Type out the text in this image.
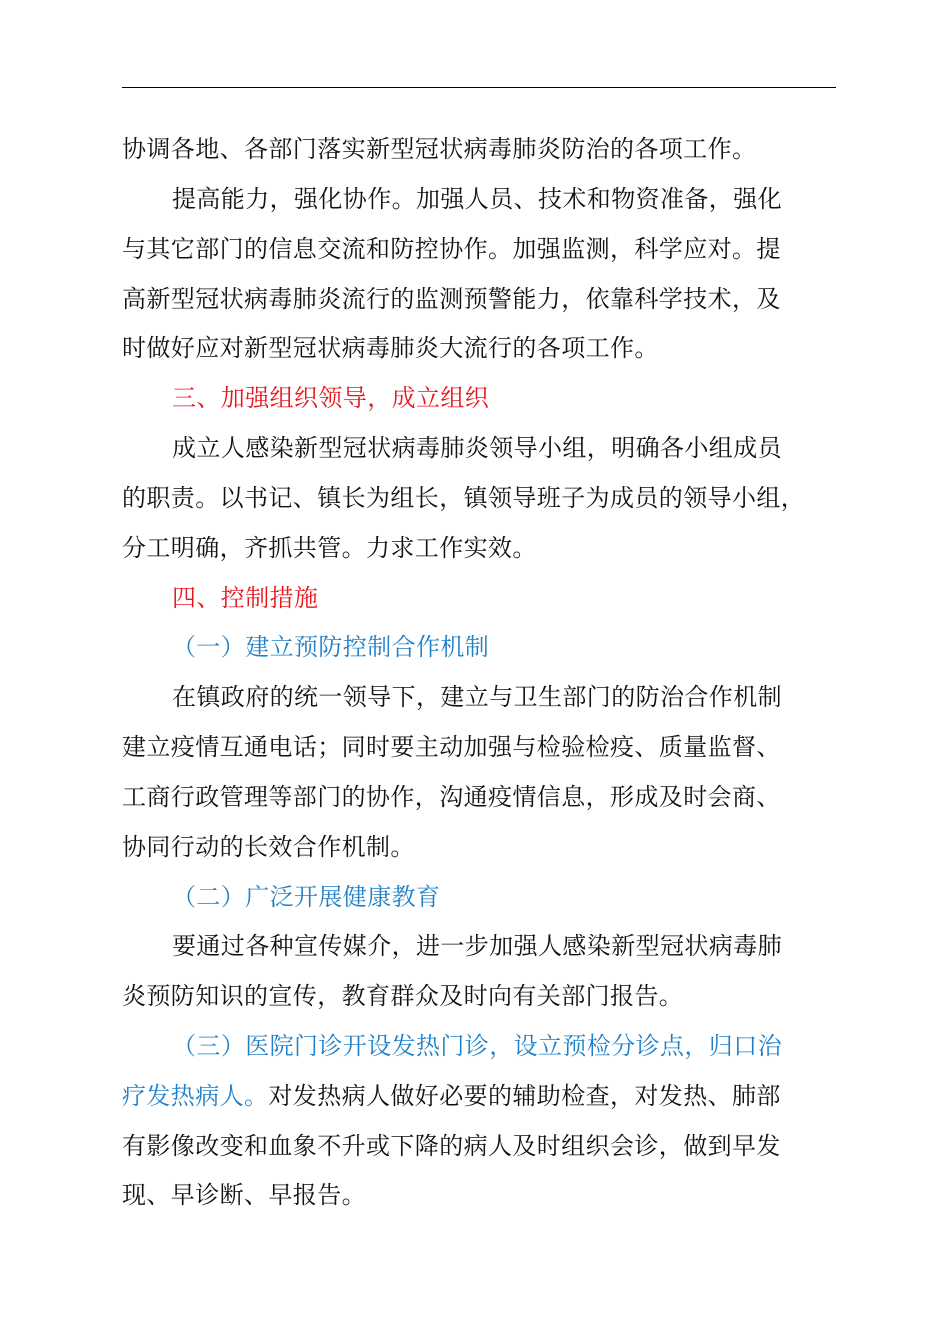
协调各地、各部门落实新型冠状病毒肺炎防治的各项工作。
提高能力，强化协作。加强人员、技术和物资准备，强化
与其它部门的信息交流和防控协作。加强监测，科学应对。提
高新型冠状病毒肺炎流行的监测预警能力，依靠科学技术，及
时做好应对新型冠状病毒肺炎大流行的各项工作。
三、加强组织领导，成立组织
成立人感染新型冠状病毒肺炎领导小组，明确各小组成员
的职责。以书记、镇长为组长，镇领导班子为成员的领导小组，
分工明确，齐抓共管。力求工作实效。
四、控制措施
（一）建立预防控制合作机制
在镇政府的统一领导下，建立与卫生部门的防治合作机制
建立疫情互通电话；同时要主动加强与检验检疫、质量监督、
工商行政管理等部门的协作，沟通疫情信息，形成及时会商、
协同行动的长效合作机制。
（二）广泛开展健康教育
要通过各种宣传媒介，进一步加强人感染新型冠状病毒肺
炎预防知识的宣传，教育群众及时向有关部门报告。
（三）医院门诊开设发热门诊，设立预检分诊点，归口治
疗发热病人。对发热病人做好必要的辅助检查，对发热、肺部
有影像改变和血象不升或下降的病人及时组织会诊，做到早发
现、早诊断、早报告。
